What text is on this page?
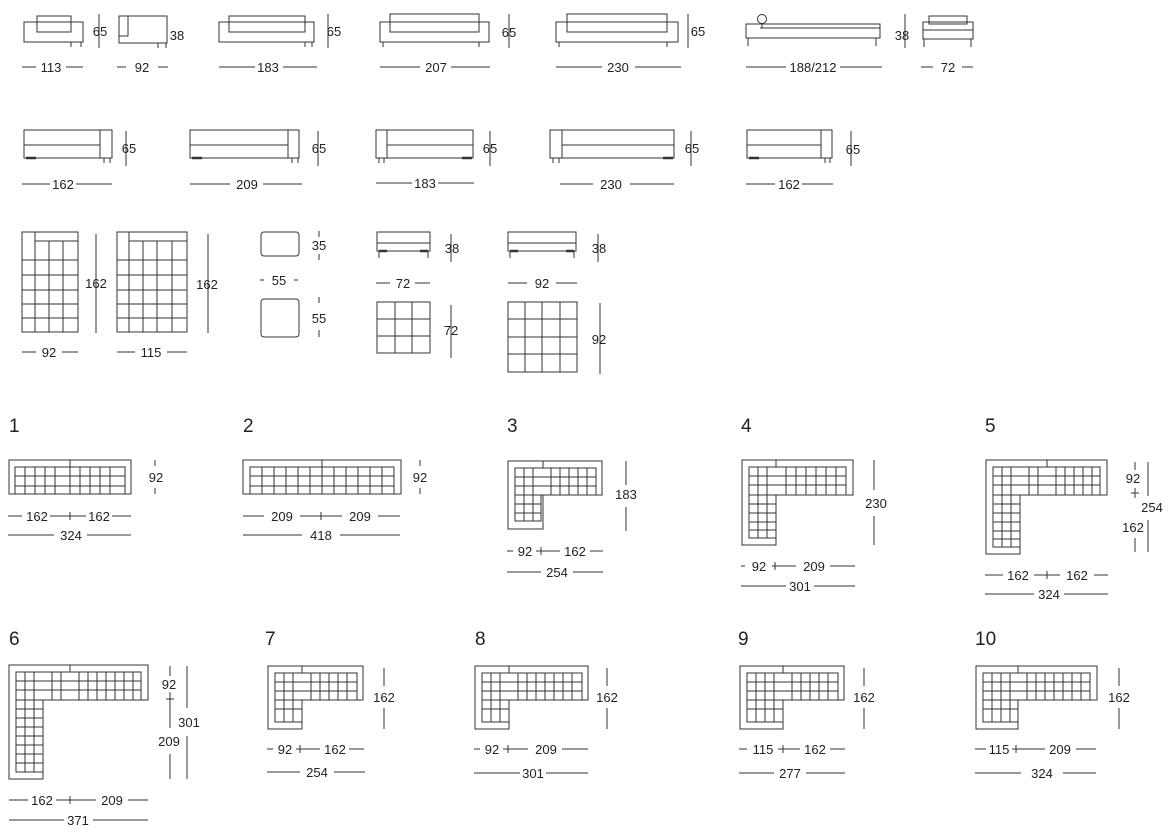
113
65
92
38
183
65
207
65
230
65
188/212
38
72
162
65
209
65
183
65
230
65
162
65
92
162
115
162
35
55
55
72
38
72
92
38
92
162	162
324
92
209	209
418
92
92 162
254
183
92	209
301
230
162	162
324
92
162
254
162	209
371
92
209
301
92 162
254
162
92	209
301
162
115 162
277
162
115	209
324
162
1	2	3	4	5
6	7	8	9	10
